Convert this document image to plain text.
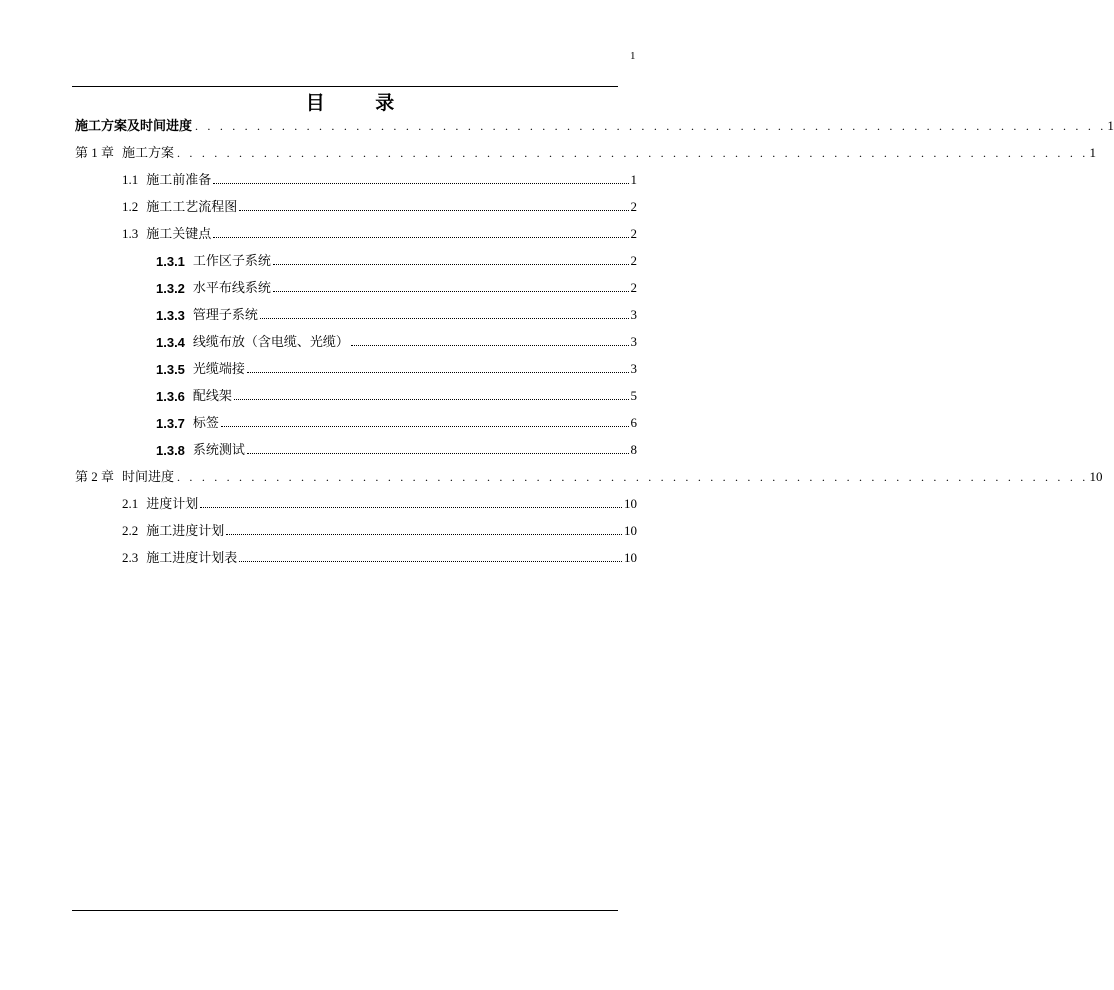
1
目 录
施工方案及时间进度 . . . . . . . . . . . . . . . . . . . . . . . . . . . . . . . . . . . . . . . . . . . . . . . . . . . . . . . . . . . . . . . . . . . . . . . . . . 1
第 1 章 施工方案 . . . . . . . . . . . . . . . . . . . . . . . . . . . . . . . . . . . . . . . . . . . . . . . . . . . . . . . . . . . . . . . . . . . . . . . . . . 1
1.1 施工前准备	1
1.2 施工工艺流程图	2
1.3 施工关键点	2
1.3.1 工作区子系统	2
1.3.2 水平布线系统	2
1.3.3 管理子系统	3
1.3.4 线缆布放（含电缆、光缆）	3
1.3.5 光缆端接	3
1.3.6 配线架	5
1.3.7 标签	6
1.3.8 系统测试	8
第 2 章 时间进度 . . . . . . . . . . . . . . . . . . . . . . . . . . . . . . . . . . . . . . . . . . . . . . . . . . . . . . . . . . . . . . . . . . . . . . . . . . 10
2.1 进度计划	10
2.2 施工进度计划	10
2.3 施工进度计划表	10
